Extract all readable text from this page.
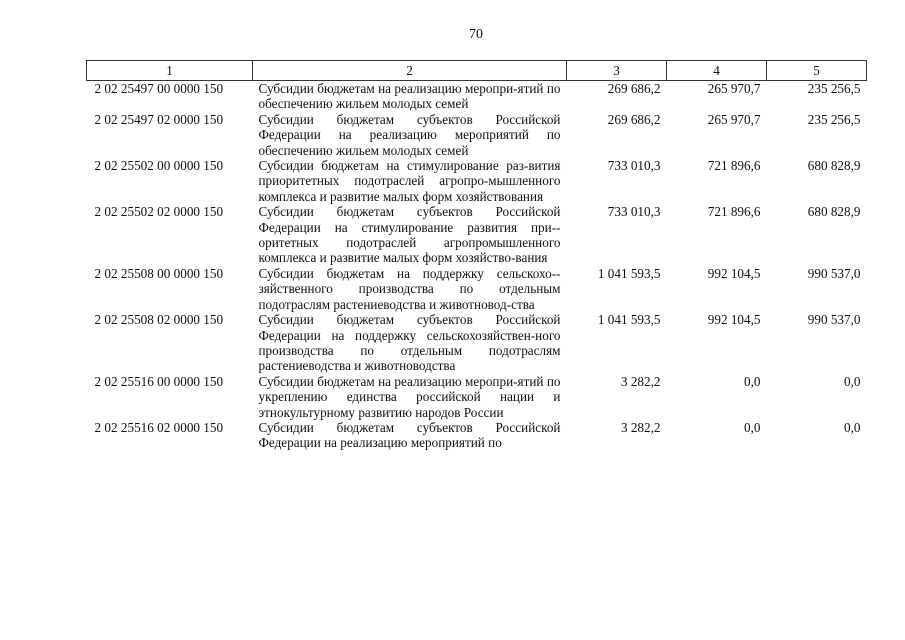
70
1	2	3	4	5
2 02 25497 00 0000 150	Субсидии бюджетам на реализацию меропри-ятий по обеспечению жильем молодых семей	269 686,2	265 970,7	235 256,5
2 02 25497 02 0000 150	Субсидии бюджетам субъектов Российской Федерации на реализацию мероприятий по обеспечению жильем молодых семей	269 686,2	265 970,7	235 256,5
2 02 25502 00 0000 150	Субсидии бюджетам на стимулирование раз-вития приоритетных подотраслей агропро-мышленного комплекса и развитие малых форм хозяйствования	733 010,3	721 896,6	680 828,9
2 02 25502 02 0000 150	Субсидии бюджетам субъектов Российской Федерации на стимулирование развития при-оритетных подотраслей агропромышленного комплекса и развитие малых форм хозяйство-вания	733 010,3	721 896,6	680 828,9
2 02 25508 00 0000 150	Субсидии бюджетам на поддержку сельскохо-зяйственного производства по отдельным подотраслям растениеводства и животновод-ства	1 041 593,5	992 104,5	990 537,0
2 02 25508 02 0000 150	Субсидии бюджетам субъектов Российской Федерации на поддержку сельскохозяйствен-ного производства по отдельным подотраслям растениеводства и животноводства	1 041 593,5	992 104,5	990 537,0
2 02 25516 00 0000 150	Субсидии бюджетам на реализацию меропри-ятий по укреплению единства российской нации и этнокультурному развитию народов России	3 282,2	0,0	0,0
2 02 25516 02 0000 150	Субсидии бюджетам субъектов Российской Федерации на реализацию мероприятий по	3 282,2	0,0	0,0
